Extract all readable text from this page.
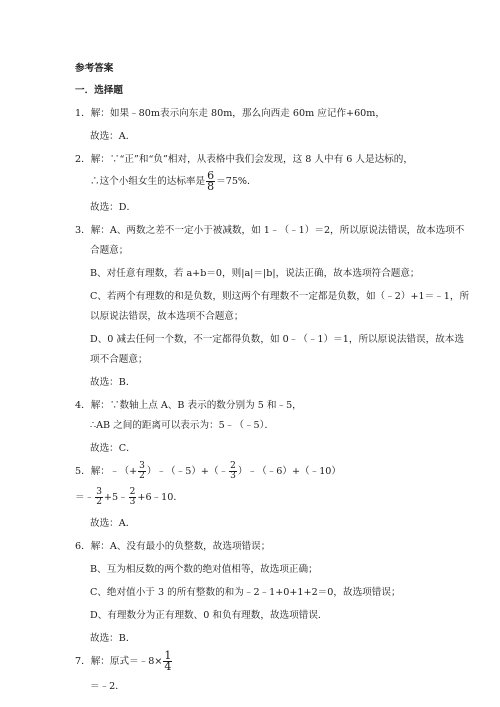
参考答案
一．选择题
1．解：如果﹣80m表示向东走 80m，那么向西走 60m 应记作+60m，
故选：A．
2．解：∵“正”和“负”相对，从表格中我们会发现，这 8 人中有 6 人是达标的，
∴这个小组女生的达标率是 $\frac{6}{8} =75\%$．
故选：D．
3．解：A、两数之差不一定小于被减数，如 1﹣（﹣1）＝2，所以原说法错误，故本选项不
合题意；
B、对任意有理数，若 a+b＝0，则|a|＝|b|，说法正确，故本选项符合题意；
C、若两个有理数的和是负数，则这两个有理数不一定都是负数，如（﹣2）+1＝﹣1，所
以原说法错误，故本选项不合题意；
D、0 减去任何一个数，不一定都得负数，如 0﹣（﹣1）＝1，所以原说法错误，故本选
项不合题意；
故选：B．
4．解：∵数轴上点 A、B 表示的数分别为 5 和﹣5，
∴AB 之间的距离可以表示为：5﹣（﹣5）．
故选：C．
5．解：﹣（+ $\frac{3}{2}$ ）﹣（﹣5）+（﹣ $\frac{2}{3}$ ）﹣（﹣6）+（﹣10）
＝﹣ $\frac{3}{2}$ +5﹣ $\frac{2}{3}$ +6﹣10．
故选：A．
6．解：A、没有最小的负整数，故选项错误；
B、互为相反数的两个数的绝对值相等，故选项正确；
C、绝对值小于 3 的所有整数的和为﹣2﹣1+0+1+2＝0，故选项错误；
D、有理数分为正有理数、0 和负有理数，故选项错误．
故选：B．
7．解：原式＝﹣8× $\frac{1}{4}$
＝﹣2．
